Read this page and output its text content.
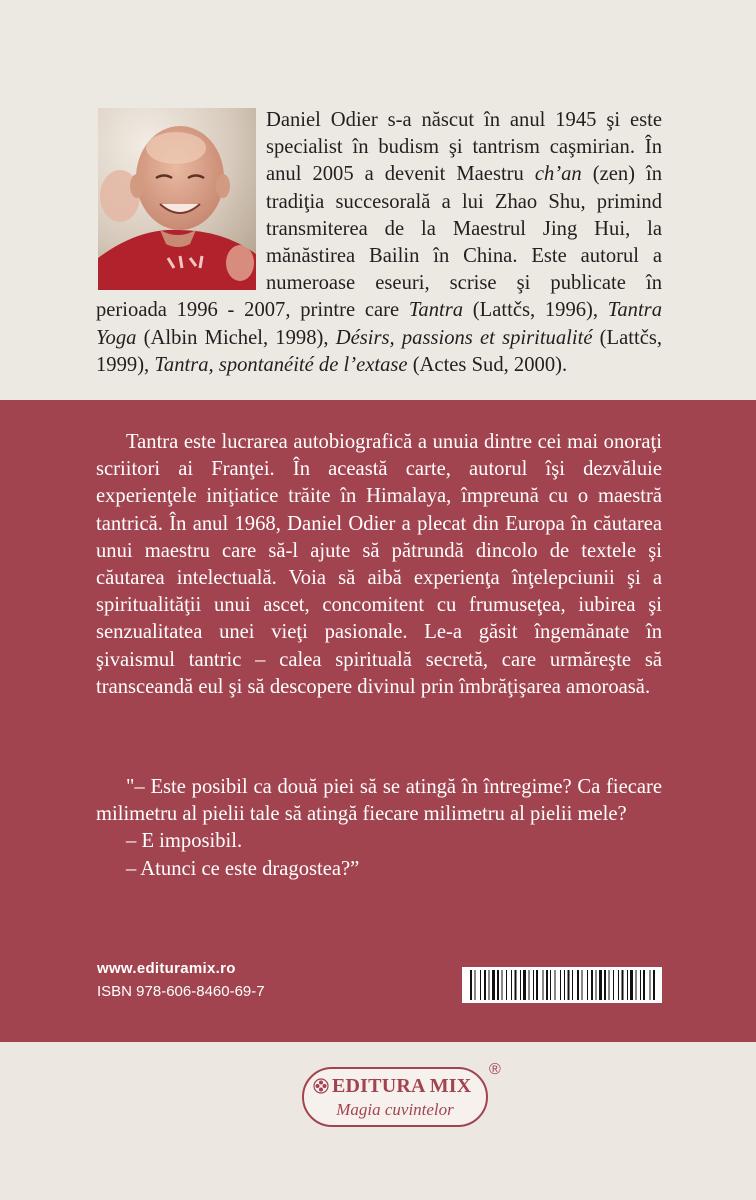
Daniel Odier s-a născut în anul 1945 şi este specialist în budism şi tantrism caşmirian. În anul 2005 a devenit Maestru ch’an (zen) în tradiţia succesorală a lui Zhao Shu, primind transmiterea de la Maestrul Jing Hui, la mănăstirea Bailin în China. Este autorul a numeroase eseuri, scrise şi publicate în perioada 1996 - 2007, printre care Tantra (Lattčs, 1996), Tantra Yoga (Albin Michel, 1998), Désirs, passions et spiritualité (Lattčs, 1999), Tantra, spontanéité de l’extase (Actes Sud, 2000).

Tantra este lucrarea autobiografică a unuia dintre cei mai onoraţi scriitori ai Franţei. În această carte, autorul îşi dezvăluie experienţele iniţiatice trăite în Himalaya, împreună cu o maestră tantrică. În anul 1968, Daniel Odier a plecat din Europa în căutarea unui maestru care să-l ajute să pătrundă dincolo de textele şi căutarea intelectuală. Voia să aibă experienţa înţelepciunii şi a spiritualităţii unui ascet, concomitent cu frumuseţea, iubirea şi senzualitatea unei vieţi pasionale. Le-a găsit îngemănate în şivaismul tantric – calea spirituală secretă, care urmăreşte să transceandă eul şi să descopere divinul prin îmbrăţişarea amoroasă.

"– Este posibil ca două piei să se atingă în întregime? Ca fiecare milimetru al pielii tale să atingă fiecare milimetru al pielii mele?
– E imposibil.
– Atunci ce este dragostea?”

www.edituramix.ro
ISBN 978-606-8460-69-7
EDITURA MIX
Magia cuvintelor
®
